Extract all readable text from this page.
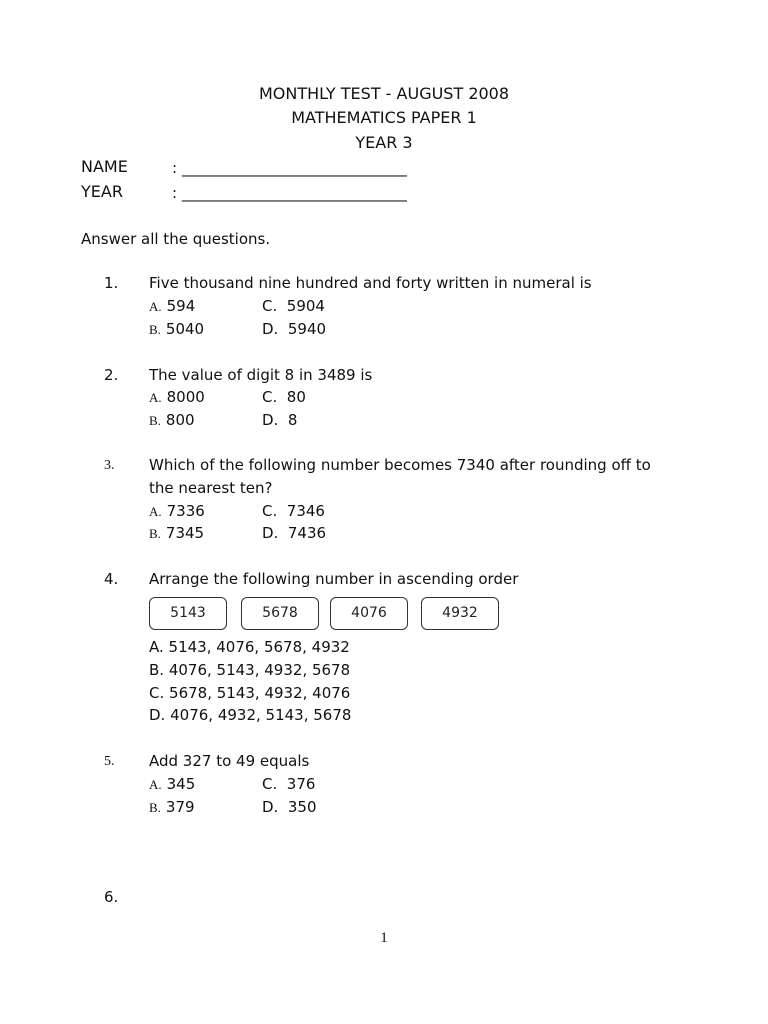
MONTHLY TEST - AUGUST 2008
MATHEMATICS PAPER 1
YEAR 3
NAME	: ______________________________
YEAR	: ______________________________
Answer all the questions.
1. Five thousand nine hundred and forty written in numeral is
A. 594
B. 5040
C. 5904
D. 5940
2. The value of digit 8 in 3489 is
A. 8000
B. 800
C. 80
D. 8
3. Which of the following number becomes 7340 after rounding off to
the nearest ten?
A. 7336
B. 7345
C. 7346
D. 7436
4. Arrange the following number in ascending order
5143	5678	4076	4932
A. 5143, 4076, 5678, 4932
B. 4076, 5143, 4932, 5678
C. 5678, 5143, 4932, 4076
D. 4076, 4932, 5143, 5678
5. Add 327 to 49 equals
A. 345
B. 379
C. 376
D. 350
6.
1
